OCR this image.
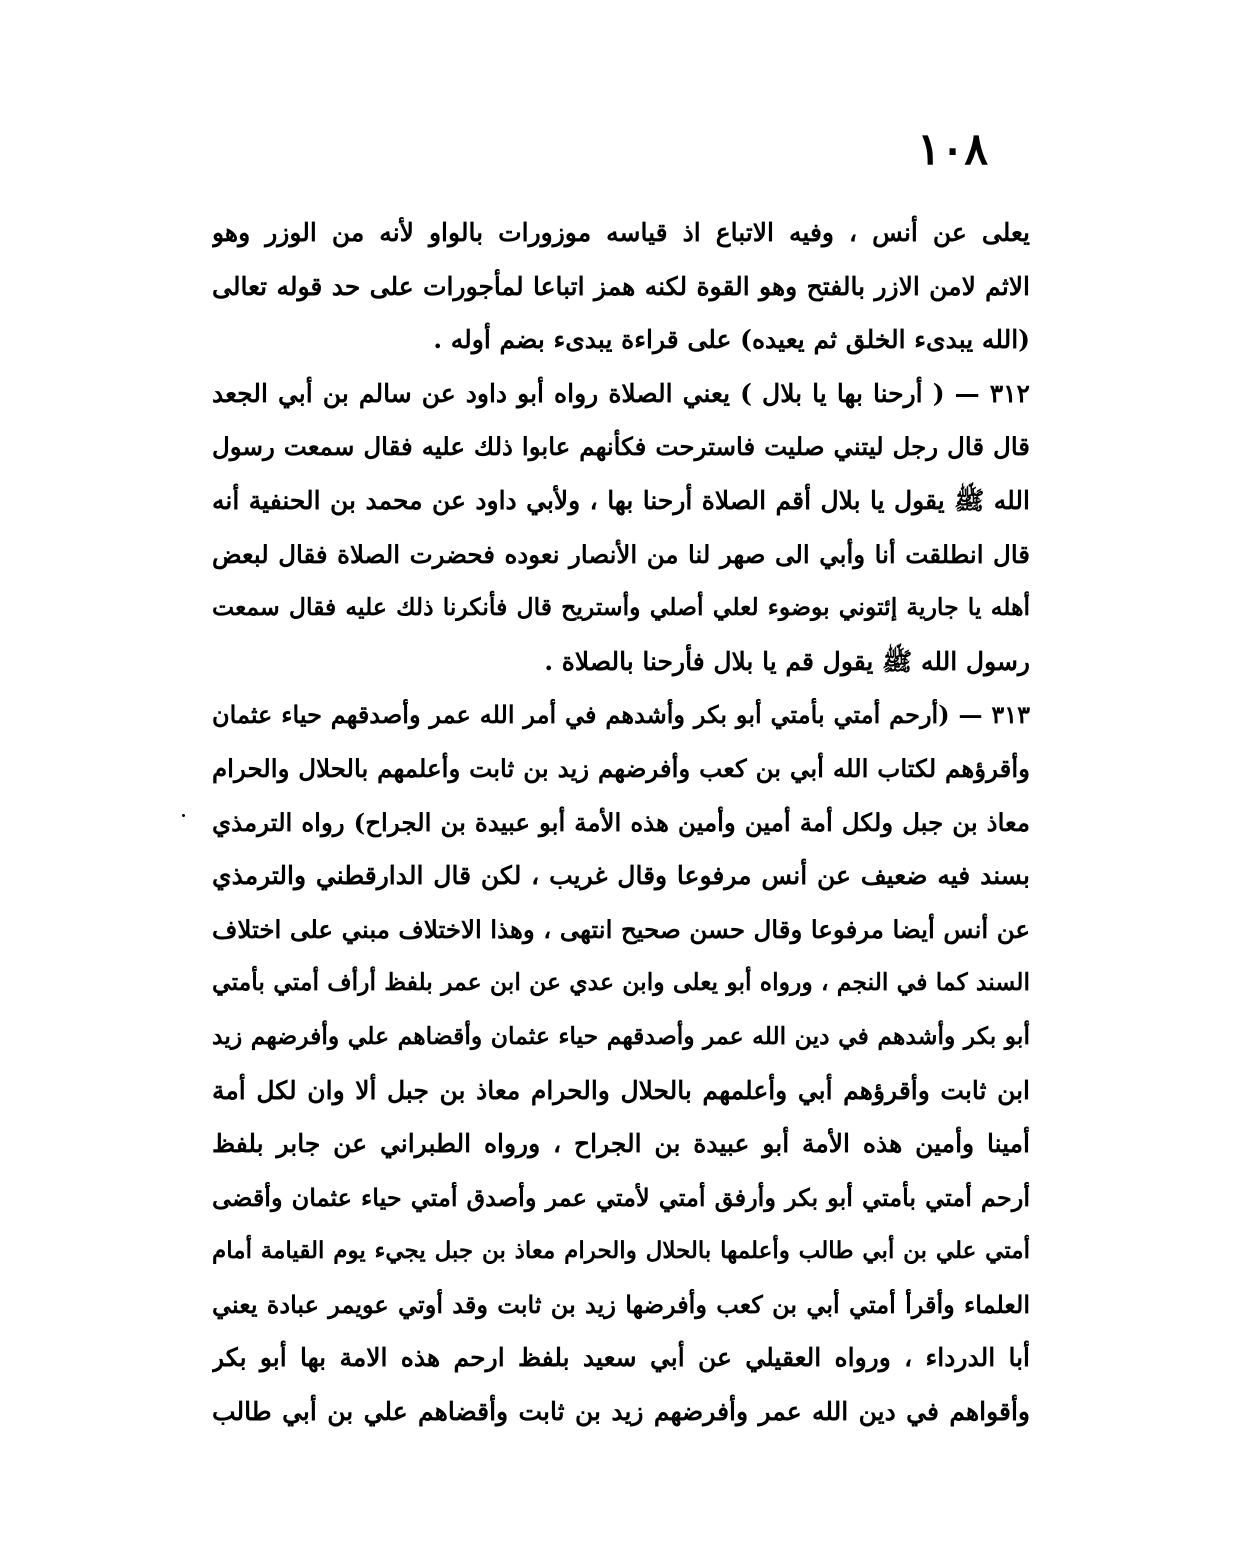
١٠٨
يعلى عن أنس ، وفيه الاتباع اذ قياسه موزورات بالواو لأنه من الوزر وهو
الاثم لامن الازر بالفتح وهو القوة لكنه همز اتباعا لمأجورات على حد قوله تعالى
(الله يبدىء الخلق ثم يعيده) على قراءة يبدىء بضم أوله .
٣١٢ — ( أرحنا بها يا بلال ) يعني الصلاة رواه أبو داود عن سالم بن أبي الجعد
قال قال رجل ليتني صليت فاسترحت فكأنهم عابوا ذلك عليه فقال سمعت رسول
الله ﷺ يقول يا بلال أقم الصلاة أرحنا بها ، ولأبي داود عن محمد بن الحنفية أنه
قال انطلقت أنا وأبي الى صهر لنا من الأنصار نعوده فحضرت الصلاة فقال لبعض
أهله يا جارية إئتوني بوضوء لعلي أصلي وأستريح قال فأنكرنا ذلك عليه فقال سمعت
رسول الله ﷺ يقول قم يا بلال فأرحنا بالصلاة .
٣١٣ — (أرحم أمتي بأمتي أبو بكر وأشدهم في أمر الله عمر وأصدقهم حياء عثمان
وأقرؤهم لكتاب الله أبي بن كعب وأفرضهم زيد بن ثابت وأعلمهم بالحلال والحرام
معاذ بن جبل ولكل أمة أمين وأمين هذه الأمة أبو عبيدة بن الجراح) رواه الترمذي
بسند فيه ضعيف عن أنس مرفوعا وقال غريب ، لكن قال الدارقطني والترمذي
عن أنس أيضا مرفوعا وقال حسن صحيح انتهى ، وهذا الاختلاف مبني على اختلاف
السند كما في النجم ، ورواه أبو يعلى وابن عدي عن ابن عمر بلفظ أرأف أمتي بأمتي
أبو بكر وأشدهم في دين الله عمر وأصدقهم حياء عثمان وأقضاهم علي وأفرضهم زيد
ابن ثابت وأقرؤهم أبي وأعلمهم بالحلال والحرام معاذ بن جبل ألا وان لكل أمة
أمينا وأمين هذه الأمة أبو عبيدة بن الجراح ، ورواه الطبراني عن جابر بلفظ
أرحم أمتي بأمتي أبو بكر وأرفق أمتي لأمتي عمر وأصدق أمتي حياء عثمان وأقضى
أمتي علي بن أبي طالب وأعلمها بالحلال والحرام معاذ بن جبل يجيء يوم القيامة أمام
العلماء وأقرأ أمتي أبي بن كعب وأفرضها زيد بن ثابت وقد أوتي عويمر عبادة يعني
أبا الدرداء ، ورواه العقيلي عن أبي سعيد بلفظ ارحم هذه الامة بها أبو بكر
وأقواهم في دين الله عمر وأفرضهم زيد بن ثابت وأقضاهم علي بن أبي طالب
